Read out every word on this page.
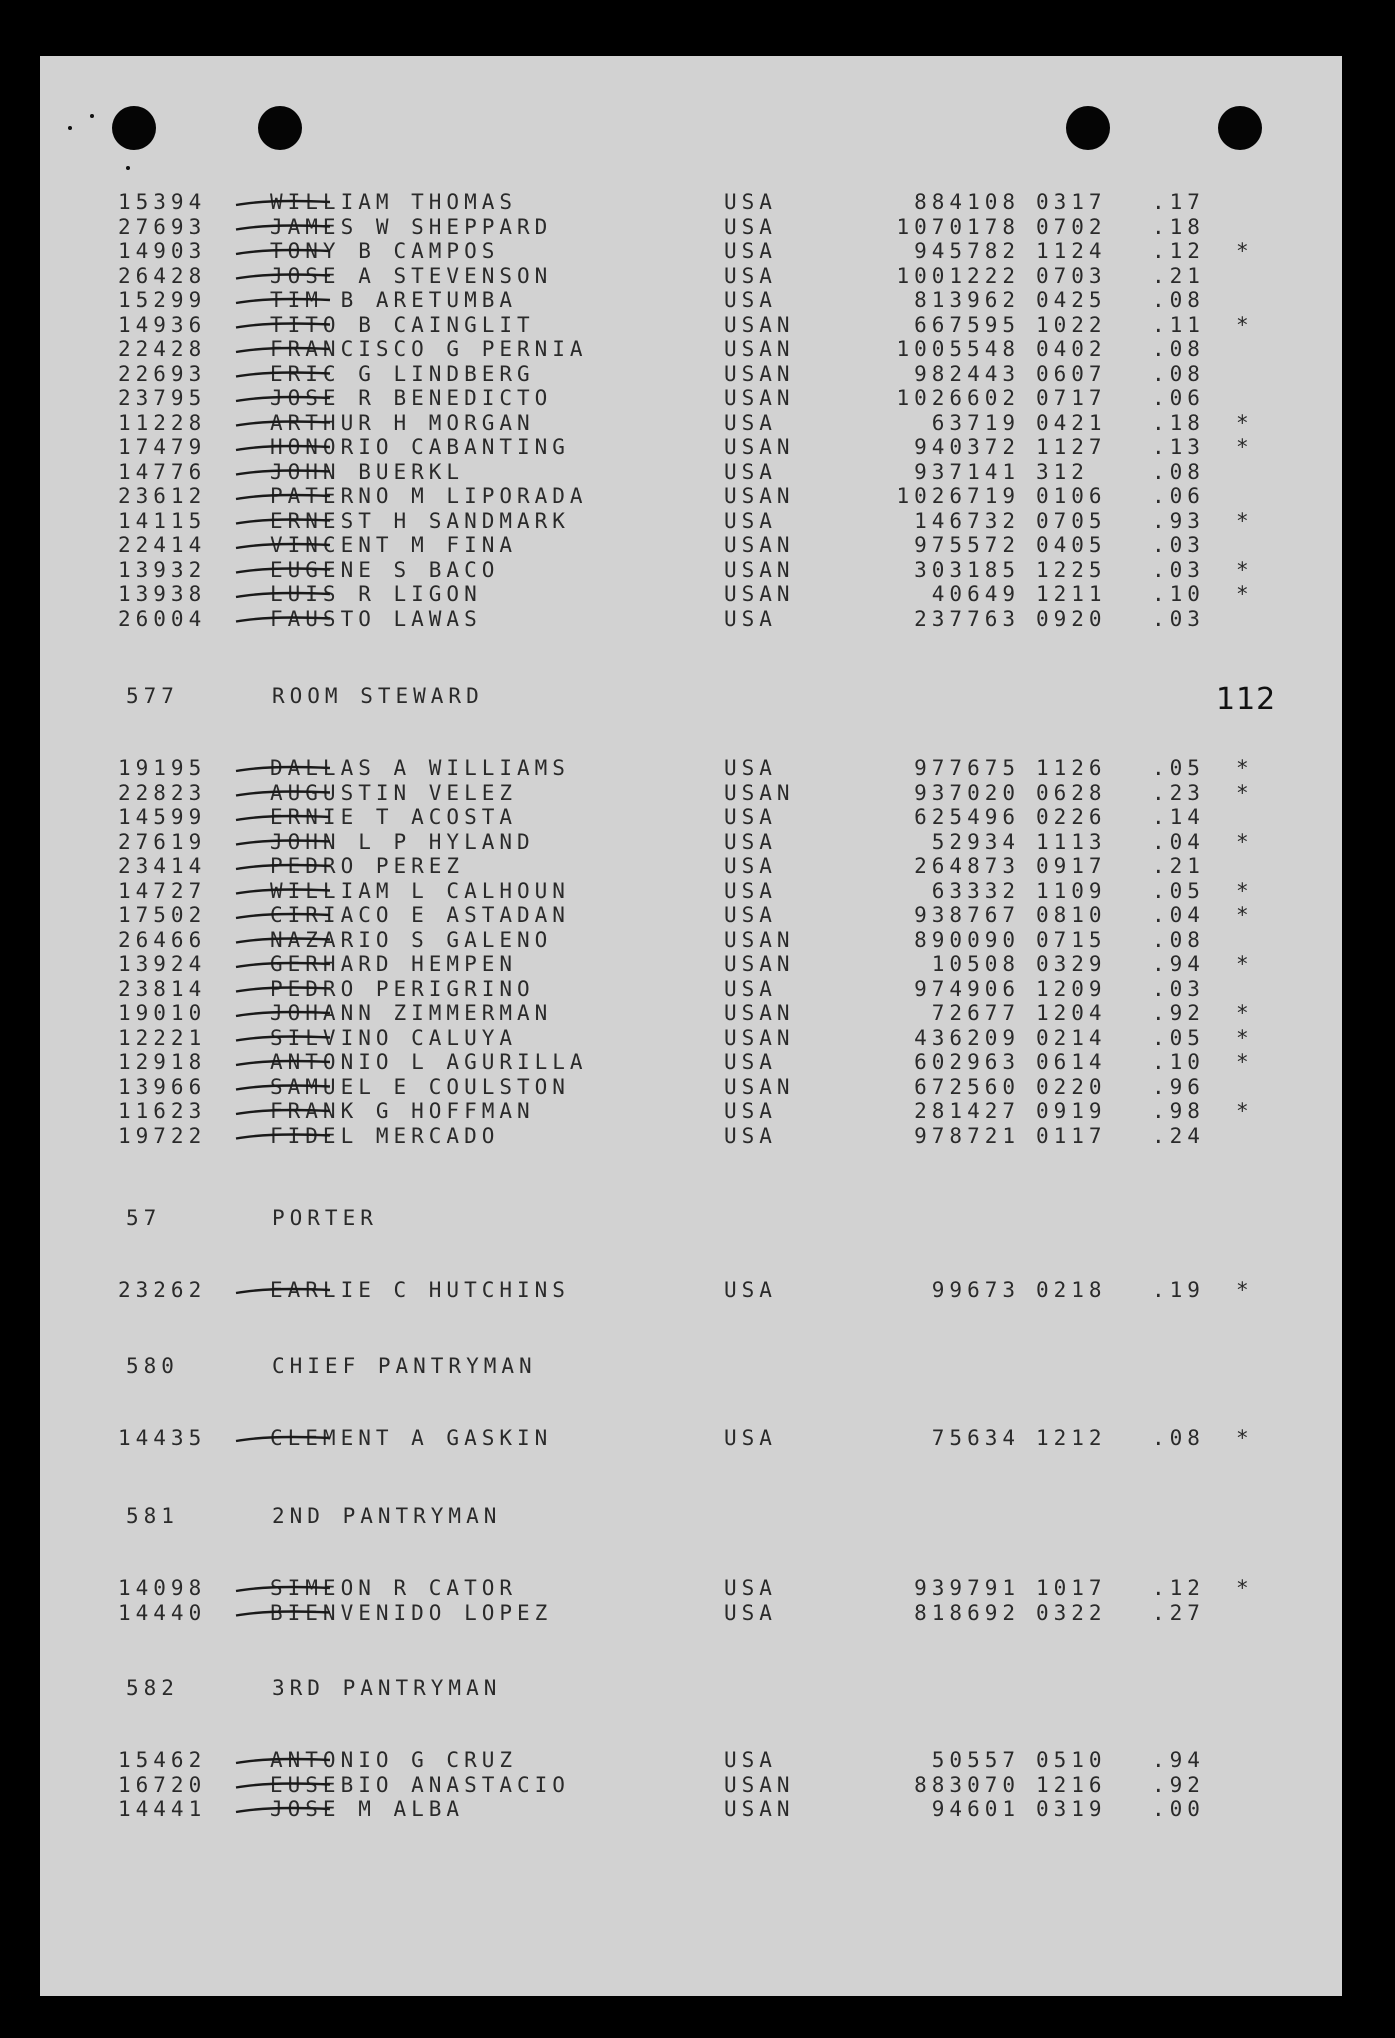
112
15394	WILLIAM THOMAS	USA	884108 0317 .17
27693	JAMES W SHEPPARD	USA	1070178 0702 .18
14903	TONY B CAMPOS	USA	945782 1124 .12 *
26428	JOSE A STEVENSON	USA	1001222 0703 .21
15299	TIM B ARETUMBA	USA	813962 0425 .08
14936	TITO B CAINGLIT	USAN	667595 1022 .11 *
22428	FRANCISCO G PERNIA	USAN	1005548 0402 .08
22693	ERIC G LINDBERG	USAN	982443 0607 .08
23795	JOSE R BENEDICTO	USAN	1026602 0717 .06
11228	ARTHUR H MORGAN	USA	63719 0421 .18 *
17479	HONORIO CABANTING	USAN	940372 1127 .13 *
14776	JOHN BUERKL	USA	937141 312	.08
23612	PATERNO M LIPORADA	USAN	1026719 0106 .06
14115	ERNEST H SANDMARK	USA	146732 0705 .93 *
22414	VINCENT M FINA	USAN	975572 0405 .03
13932	EUGENE S BACO	USAN	303185 1225 .03 *
13938	LUIS R LIGON	USAN	40649 1211 .10 *
26004	FAUSTO LAWAS	USA	237763 0920 .03
577	ROOM STEWARD
19195	DALLAS A WILLIAMS	USA	977675 1126 .05 *
22823	AUGUSTIN VELEZ	USAN	937020 0628 .23 *
14599	ERNIE T ACOSTA	USA	625496 0226 .14
27619	JOHN L P HYLAND	USA	52934 1113 .04 *
23414	PEDRO PEREZ	USA	264873 0917 .21
14727	WILLIAM L CALHOUN	USA	63332 1109 .05 *
17502	CIRIACO E ASTADAN	USA	938767 0810 .04 *
26466	NAZARIO S GALENO	USAN	890090 0715 .08
13924	GERHARD HEMPEN	USAN	10508 0329 .94 *
23814	PEDRO PERIGRINO	USA	974906 1209 .03
19010	JOHANN ZIMMERMAN	USAN	72677 1204 .92 *
12221	SILVINO CALUYA	USAN	436209 0214 .05 *
12918	ANTONIO L AGURILLA	USA	602963 0614 .10 *
13966	SAMUEL E COULSTON	USAN	672560 0220 .96
11623	FRANK G HOFFMAN	USA	281427 0919 .98 *
19722	FIDEL MERCADO	USA	978721 0117 .24
57	PORTER
23262	EARLIE C HUTCHINS	USA	99673 0218 .19 *
580	CHIEF PANTRYMAN
14435	CLEMENT A GASKIN	USA	75634 1212 .08 *
581	2ND PANTRYMAN
14098	SIMEON R CATOR	USA	939791 1017 .12 *
14440	BIENVENIDO LOPEZ	USA	818692 0322 .27
582	3RD PANTRYMAN
15462	ANTONIO G CRUZ	USA	50557 0510 .94
16720	EUSEBIO ANASTACIO	USAN	883070 1216 .92
14441	JOSE M ALBA	USAN	94601 0319 .00
